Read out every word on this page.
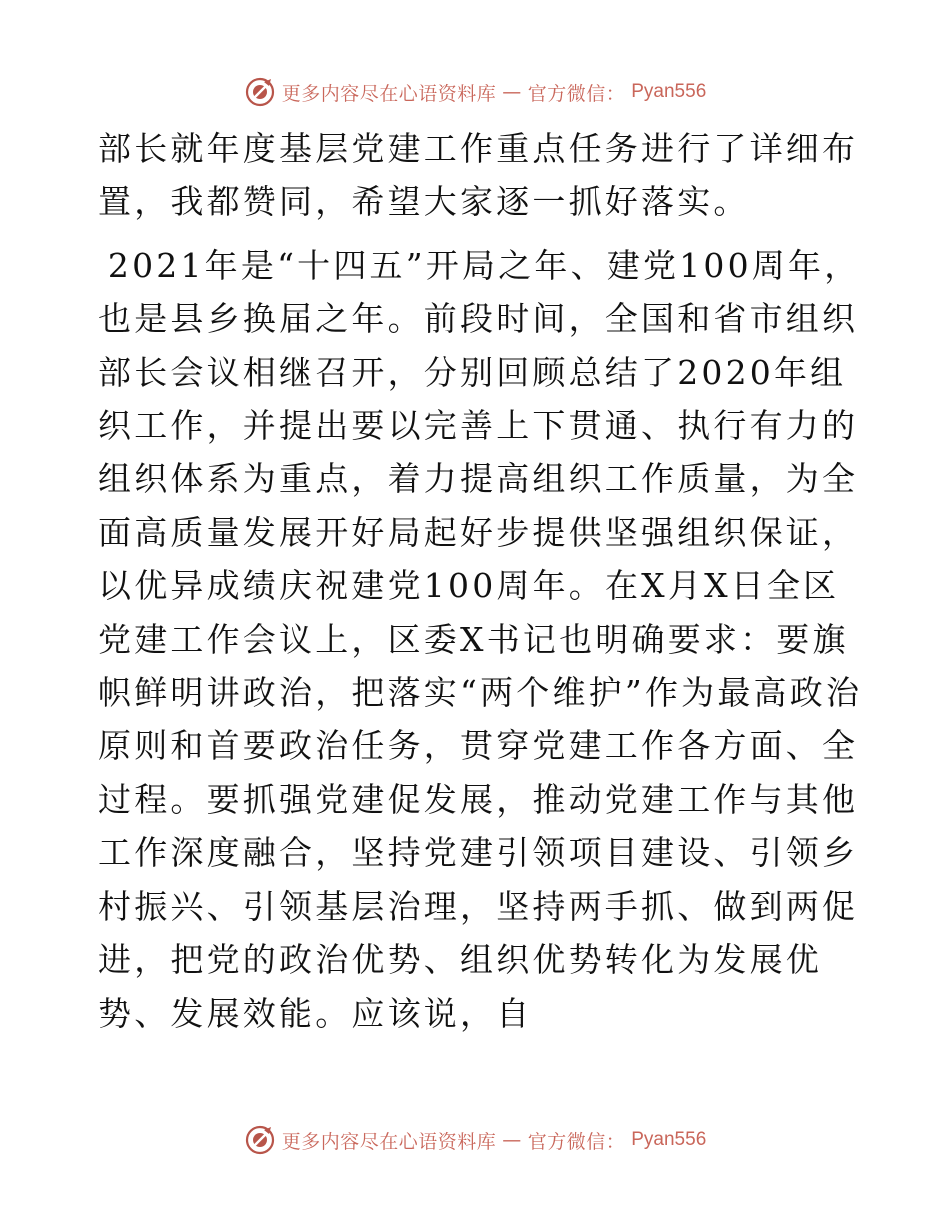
更多内容尽在心语资料库 — 官方微信： Pyan556

部长就年度基层党建工作重点任务进行了详细布置，我都赞同，希望大家逐一抓好落实。

2021年是“十四五”开局之年、建党100周年，也是县乡换届之年。前段时间，全国和省市组织部长会议相继召开，分别回顾总结了2020年组织工作，并提出要以完善上下贯通、执行有力的组织体系为重点，着力提高组织工作质量，为全面高质量发展开好局起好步提供坚强组织保证，以优异成绩庆祝建党100周年。在X月X日全区党建工作会议上，区委X书记也明确要求：要旗帜鲜明讲政治，把落实“两个维护”作为最高政治原则和首要政治任务，贯穿党建工作各方面、全过程。要抓强党建促发展，推动党建工作与其他工作深度融合，坚持党建引领项目建设、引领乡村振兴、引领基层治理，坚持两手抓、做到两促进，把党的政治优势、组织优势转化为发展优势、发展效能。应该说，自

更多内容尽在心语资料库 — 官方微信： Pyan556
